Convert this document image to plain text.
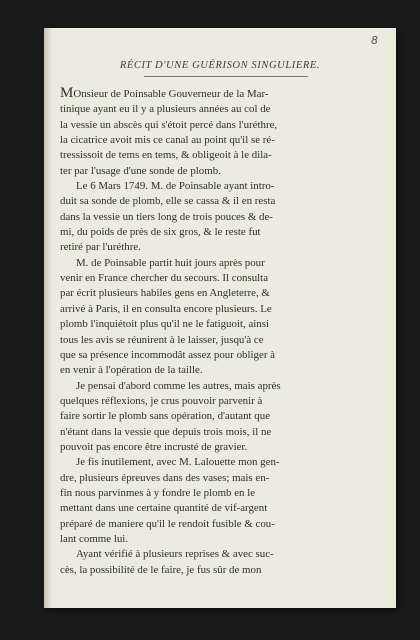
8
RÉCIT D'UNE GUÉRISON SINGULIERE.
MOnsieur de Poinsable Gouverneur de la Mar-
tinique ayant eu il y a plusieurs années au col de
la vessie un abscès qui s'étoit percé dans l'uréthre,
la cicatrice avoit mis ce canal au point qu'il se ré-
tressissoit de tems en tems, & obligeoit à le dila-
ter par l'usage d'une sonde de plomb.
Le 6 Mars 1749. M. de Poinsable ayant intro-
duit sa sonde de plomb, elle se cassa & il en resta
dans la vessie un tiers long de trois pouces & de-
mi, du poids de près de six gros, & le reste fut
retiré par l'uréthre.
M. de Poinsable partit huit jours après pour
venir en France chercher du secours. Il consulta
par écrit plusieurs habiles gens en Angleterre, &
arrivé à Paris, il en consulta encore plusieurs. Le
plomb l'inquiétoit plus qu'il ne le fatiguoit, ainsi
tous les avis se réunirent à le laisser, jusqu'à ce
que sa présence incommodât assez pour obliger à
en venir à l'opération de la taille.
Je pensai d'abord comme les autres, mais après
quelques réflexions, je crus pouvoir parvenir à
faire sortir le plomb sans opération, d'autant que
n'étant dans la vessie que depuis trois mois, il ne
pouvoit pas encore être incrusté de gravier.
Je fis inutilement, avec M. Lalouette mon gen-
dre, plusieurs épreuves dans des vases; mais en-
fin nous parvinmes à y fondre le plomb en le
mettant dans une certaine quantité de vif-argent
préparé de maniere qu'il le rendoit fusible & cou-
lant comme lui.
Ayant vérifié à plusieurs reprises & avec suc-
cès, la possibilité de le faire, je fus sûr de mon
